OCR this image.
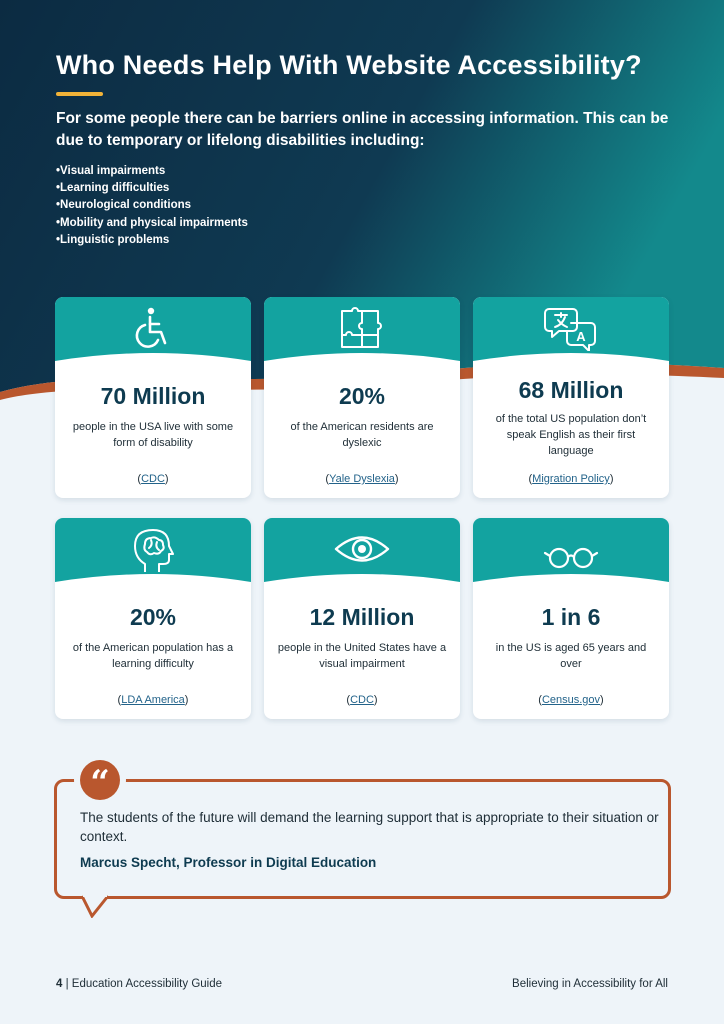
Who Needs Help With Website Accessibility?
For some people there can be barriers online in accessing information. This can be due to temporary or lifelong disabilities including:
• Visual impairments
• Learning difficulties
• Neurological conditions
• Mobility and physical impairments
• Linguistic problems
70 Million
people in the USA live with some form of disability
(CDC)
20%
of the American residents are dyslexic
(Yale Dyslexia)
A
68 Million
of the total US population don’t speak English as their first language
(Migration Policy)
20%
of the American population has a learning difficulty
(LDA America)
12 Million
people in the United States have a visual impairment
(CDC)
1 in 6
in the US is aged 65 years and over
(Census.gov)
“
The students of the future will demand the learning support that is appropriate to their situation or context.
Marcus Specht, Professor in Digital Education
4 | Education Accessibility Guide	Believing in Accessibility for All
